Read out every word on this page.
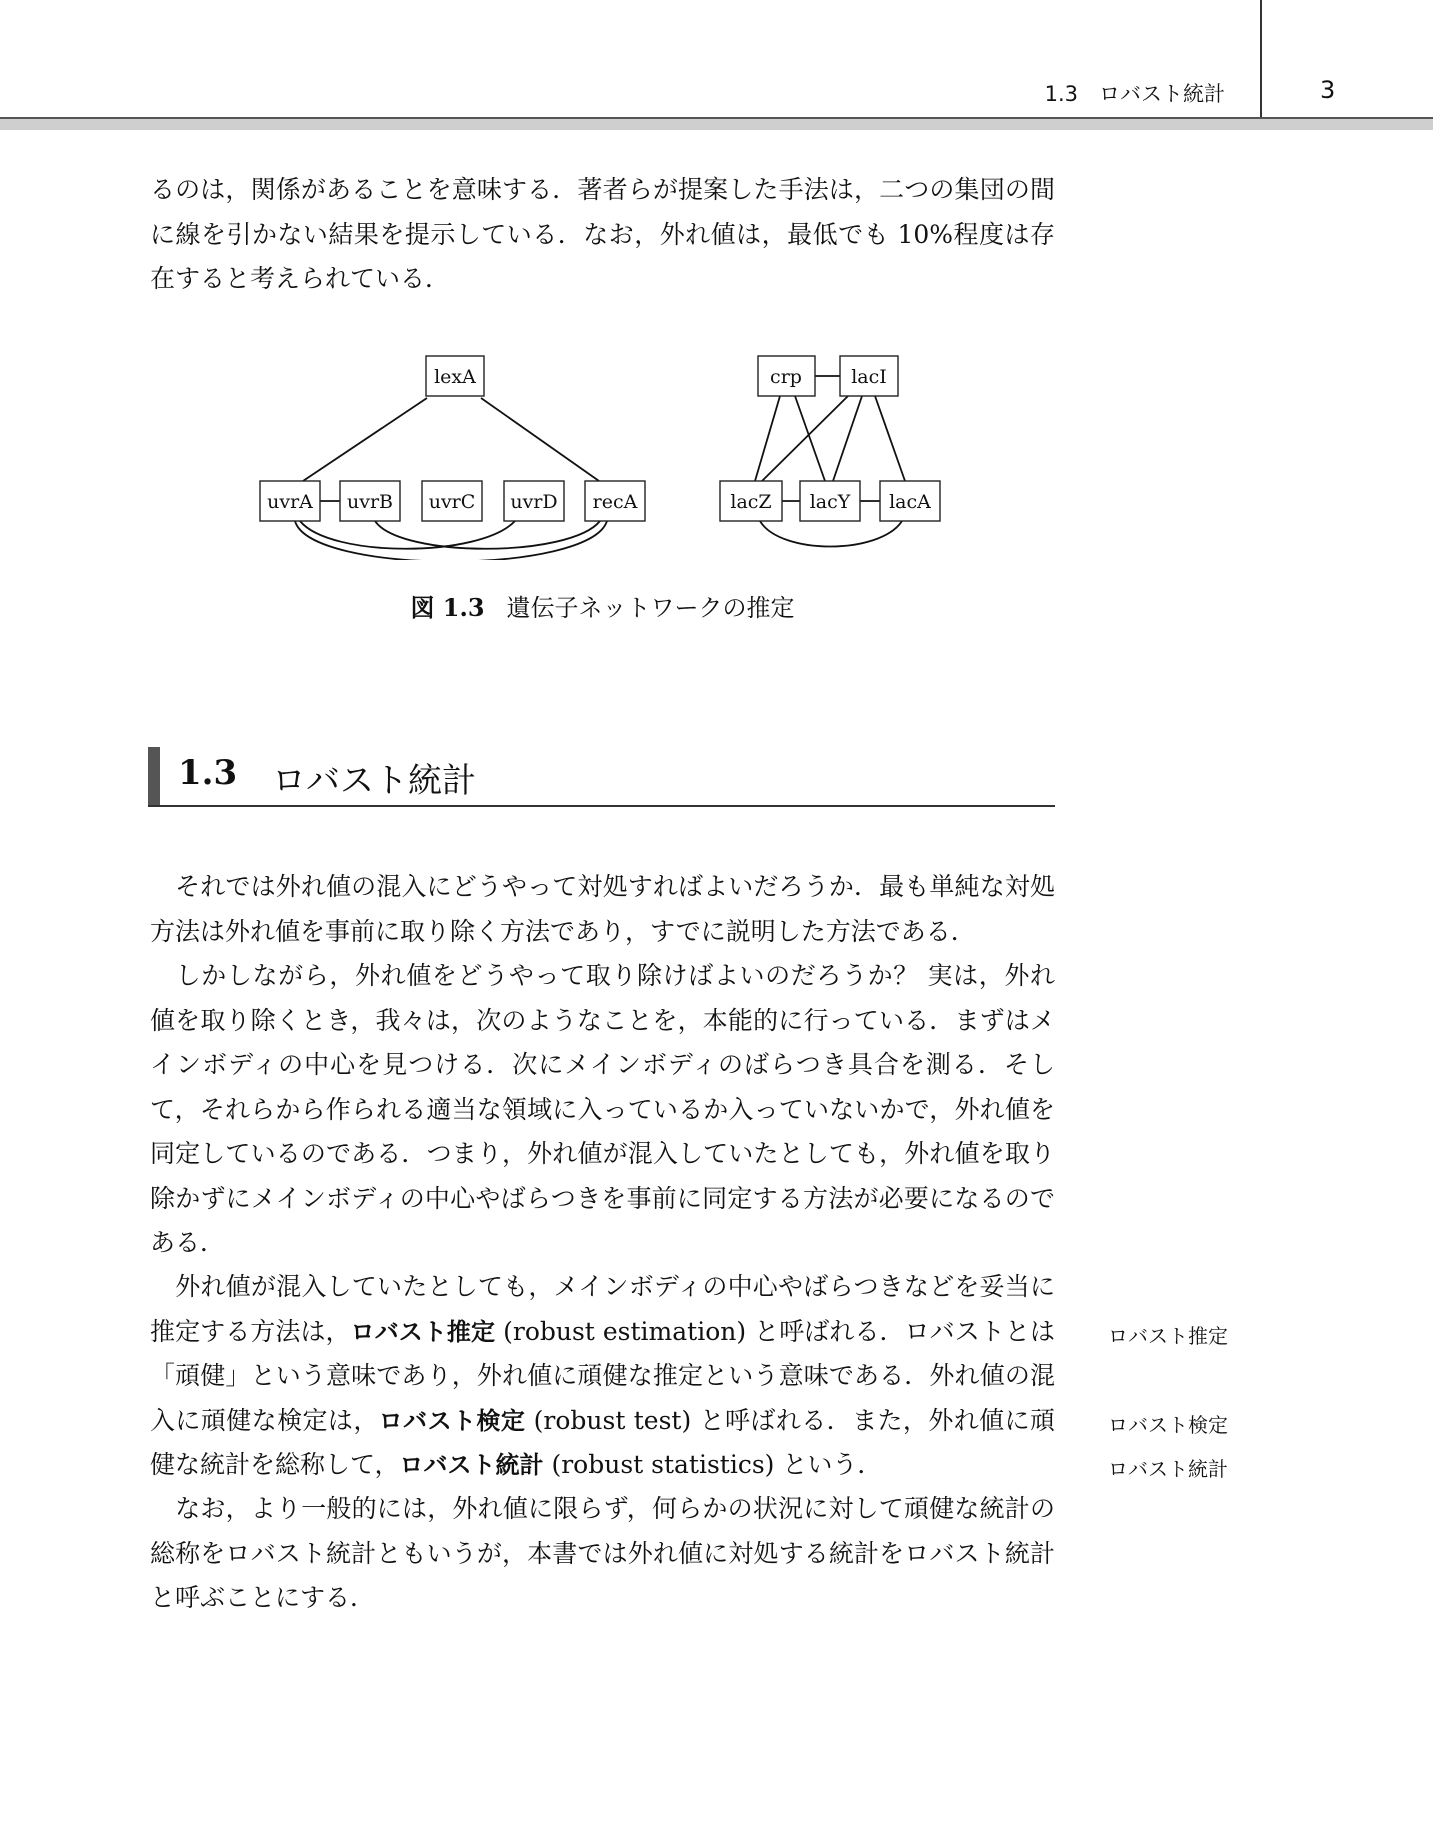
1.3　ロバスト統計	3

るのは，関係があることを意味する．著者らが提案した手法は，二つの集団の間に線を引かない結果を提示している．なお，外れ値は，最低でも 10%程度は存在すると考えられている．

lexA
uvrA uvrB uvrC uvrD recA
crp	lacI
lacZ lacY lacA
図 1.3 遺伝子ネットワークの推定
1.3 ロバスト統計

それでは外れ値の混入にどうやって対処すればよいだろうか．最も単純な対処方法は外れ値を事前に取り除く方法であり，すでに説明した方法である．

しかしながら，外れ値をどうやって取り除けばよいのだろうか？ 実は，外れ値を取り除くとき，我々は，次のようなことを，本能的に行っている．まずはメインボディの中心を見つける．次にメインボディのばらつき具合を測る．そして，それらから作られる適当な領域に入っているか入っていないかで，外れ値を同定しているのである．つまり，外れ値が混入していたとしても，外れ値を取り除かずにメインボディの中心やばらつきを事前に同定する方法が必要になるのである．

外れ値が混入していたとしても，メインボディの中心やばらつきなどを妥当に推定する方法は，ロバスト推定 (robust estimation) と呼ばれる．ロバストとは「頑健」という意味であり，外れ値に頑健な推定という意味である．外れ値の混入に頑健な検定は，ロバスト検定 (robust test) と呼ばれる．また，外れ値に頑健な統計を総称して，ロバスト統計 (robust statistics) という．

なお，より一般的には，外れ値に限らず，何らかの状況に対して頑健な統計の総称をロバスト統計ともいうが，本書では外れ値に対処する統計をロバスト統計と呼ぶことにする．

ロバスト推定
ロバスト検定
ロバスト統計
